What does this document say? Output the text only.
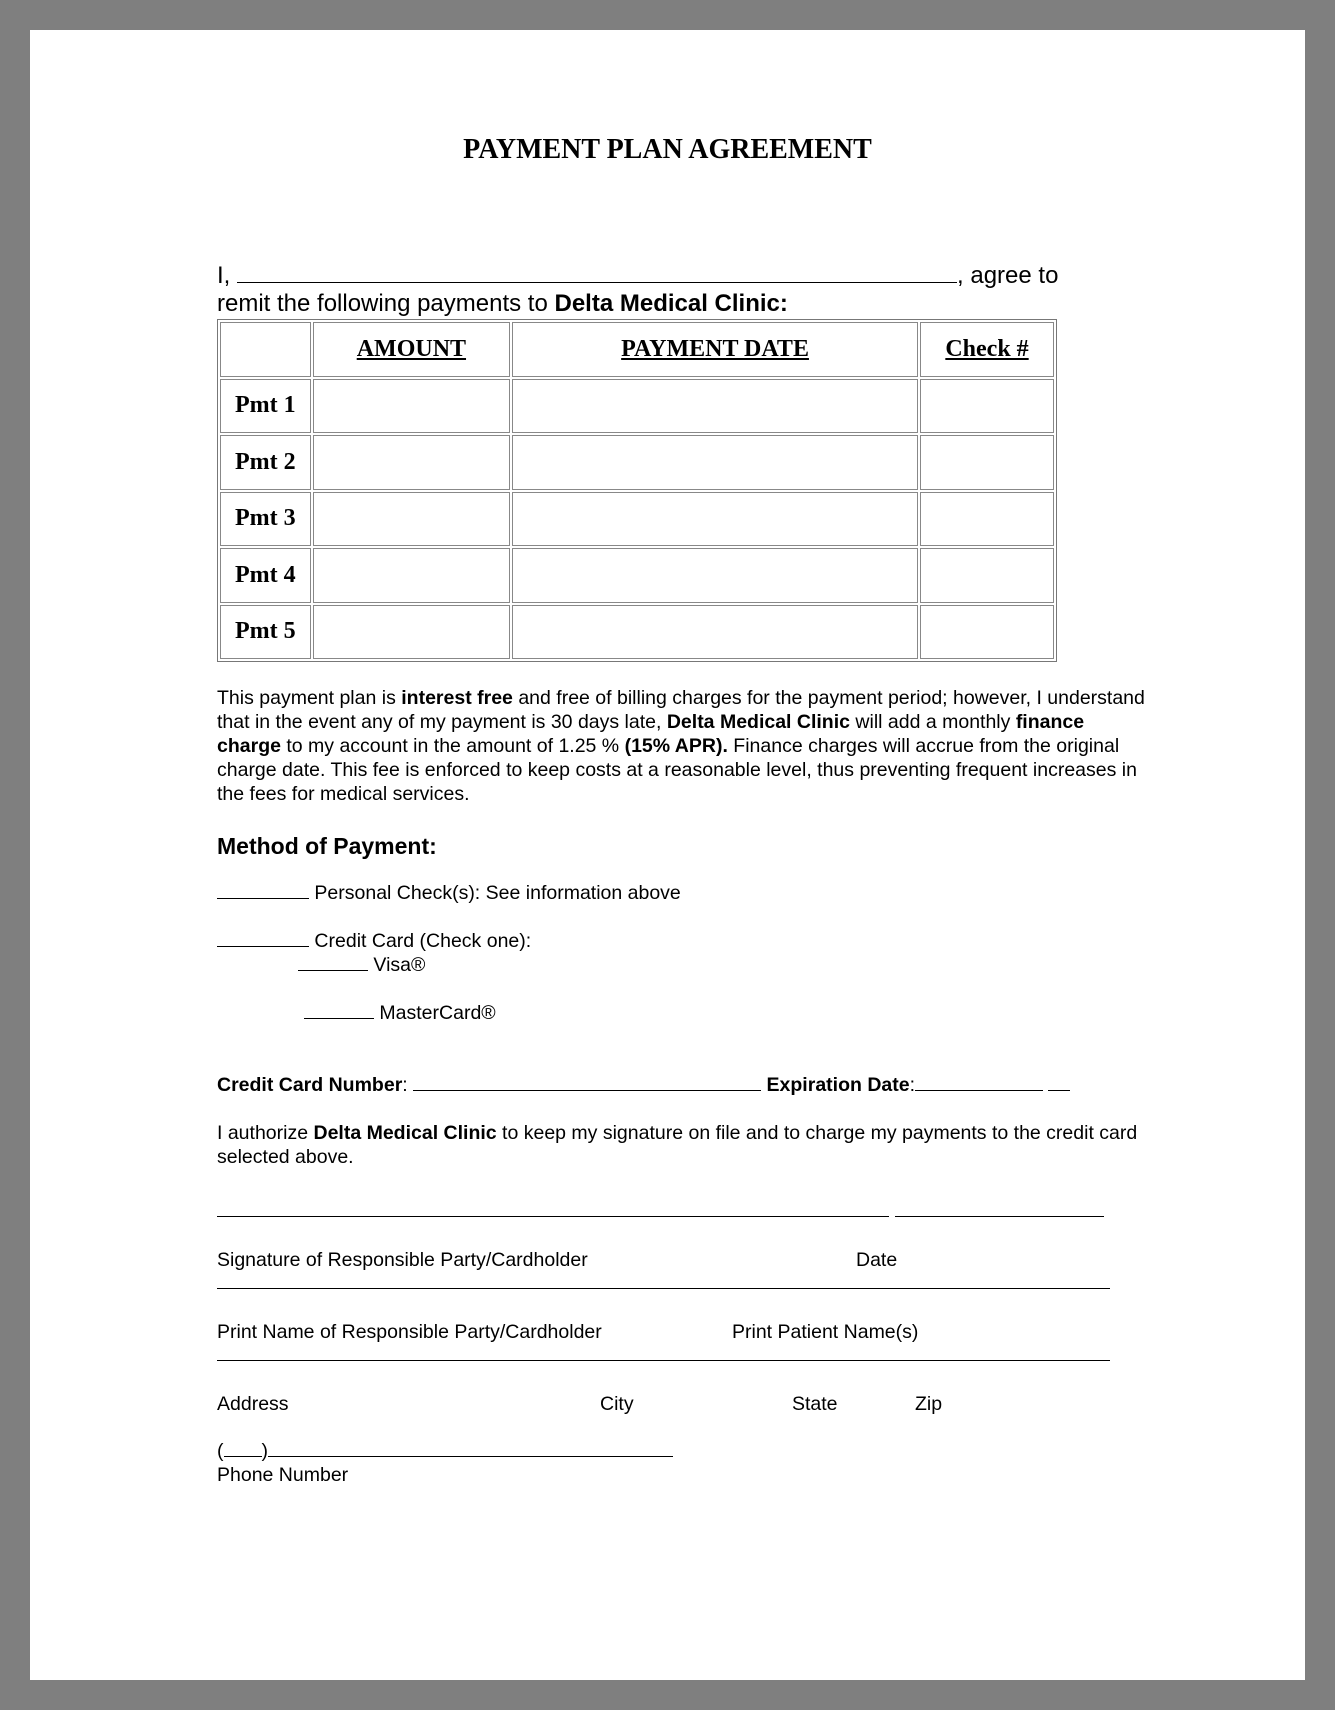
PAYMENT PLAN AGREEMENT
I,	, agree to
remit the following payments to Delta Medical Clinic:
	AMOUNT	PAYMENT DATE	Check #
Pmt 1			
Pmt 2			
Pmt 3			
Pmt 4			
Pmt 5			
This payment plan is interest free and free of billing charges for the payment period; however, I understand that in the event any of my payment is 30 days late, Delta Medical Clinic will add a monthly finance charge to my account in the amount of 1.25 % (15% APR). Finance charges will accrue from the original charge date. This fee is enforced to keep costs at a reasonable level, thus preventing frequent increases in the fees for medical services.
Method of Payment:
Personal Check(s): See information above
Credit Card (Check one):
Visa®
MasterCard®
Credit Card Number:	Expiration Date:
I authorize Delta Medical Clinic to keep my signature on file and to charge my payments to the credit card selected above.
Signature of Responsible Party/Cardholder	Date
Print Name of Responsible Party/Cardholder	Print Patient Name(s)
Address	City	State	Zip
( )
Phone Number
